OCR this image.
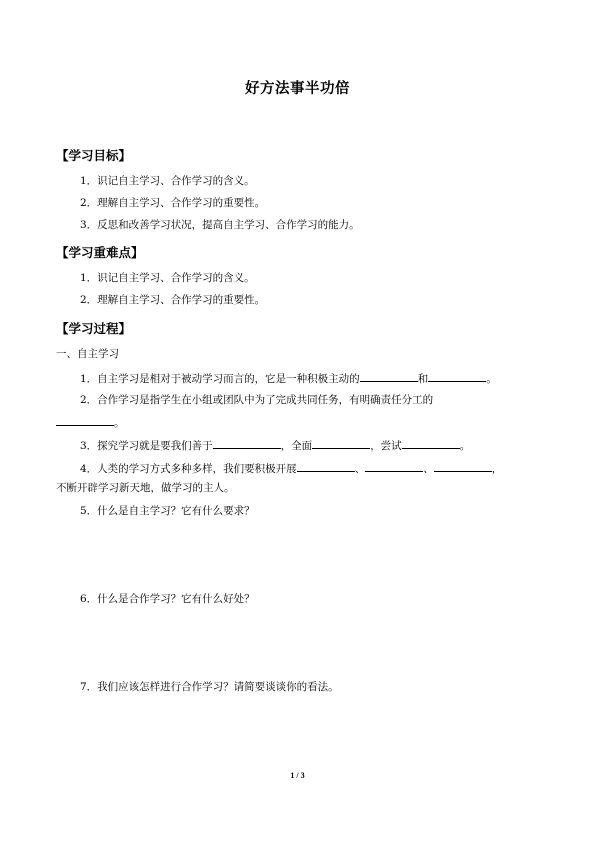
好方法事半功倍
【学习目标】
1．识记自主学习、合作学习的含义。
2．理解自主学习、合作学习的重要性。
3．反思和改善学习状况，提高自主学习、合作学习的能力。
【学习重难点】
1．识记自主学习、合作学习的含义。
2．理解自主学习、合作学习的重要性。
【学习过程】
一、自主学习
1．自主学习是相对于被动学习而言的，它是一种积极主动的	和	。
2．合作学习是指学生在小组或团队中为了完成共同任务，有明确责任分工的
。
3．探究学习就是要我们善于	，全面	，尝试	。
4．人类的学习方式多种多样，我们要积极开展	、	、	，
不断开辟学习新天地，做学习的主人。
5．什么是自主学习？它有什么要求？
6．什么是合作学习？它有什么好处？
7．我们应该怎样进行合作学习？请简要谈谈你的看法。
1 / 3
